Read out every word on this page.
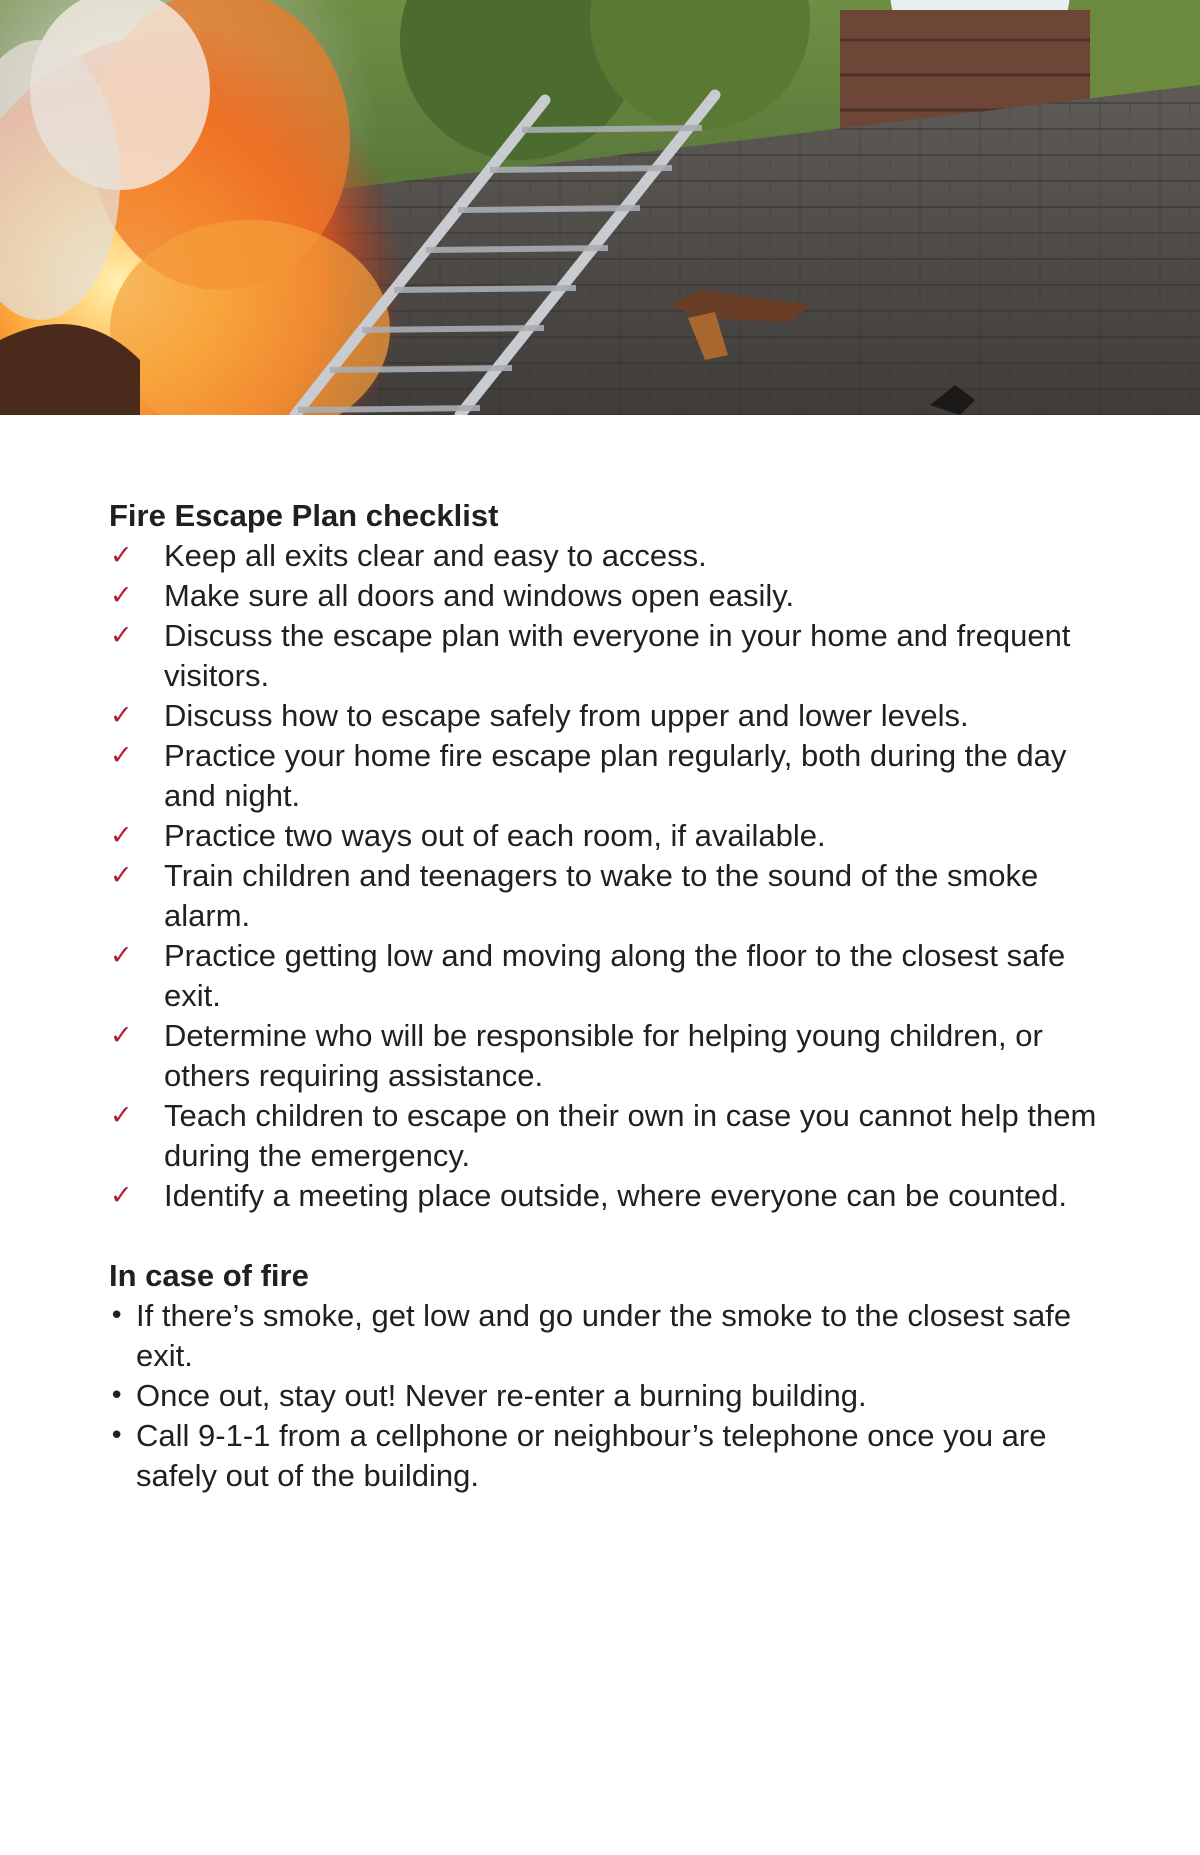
Fire Escape Plan checklist
✓ Keep all exits clear and easy to access.
✓ Make sure all doors and windows open easily.
✓ Discuss the escape plan with everyone in your home and frequent visitors.
✓ Discuss how to escape safely from upper and lower levels.
✓ Practice your home fire escape plan regularly, both during the day and night.
✓ Practice two ways out of each room, if available.
✓ Train children and teenagers to wake to the sound of the smoke alarm.
✓ Practice getting low and moving along the floor to the closest safe exit.
✓ Determine who will be responsible for helping young children, or others requiring assistance.
✓ Teach children to escape on their own in case you cannot help them during the emergency.
✓ Identify a meeting place outside, where everyone can be counted.
In case of fire
• If there’s smoke, get low and go under the smoke to the closest safe exit.
• Once out, stay out! Never re-enter a burning building.
• Call 9-1-1 from a cellphone or neighbour’s telephone once you are safely out of the building.
